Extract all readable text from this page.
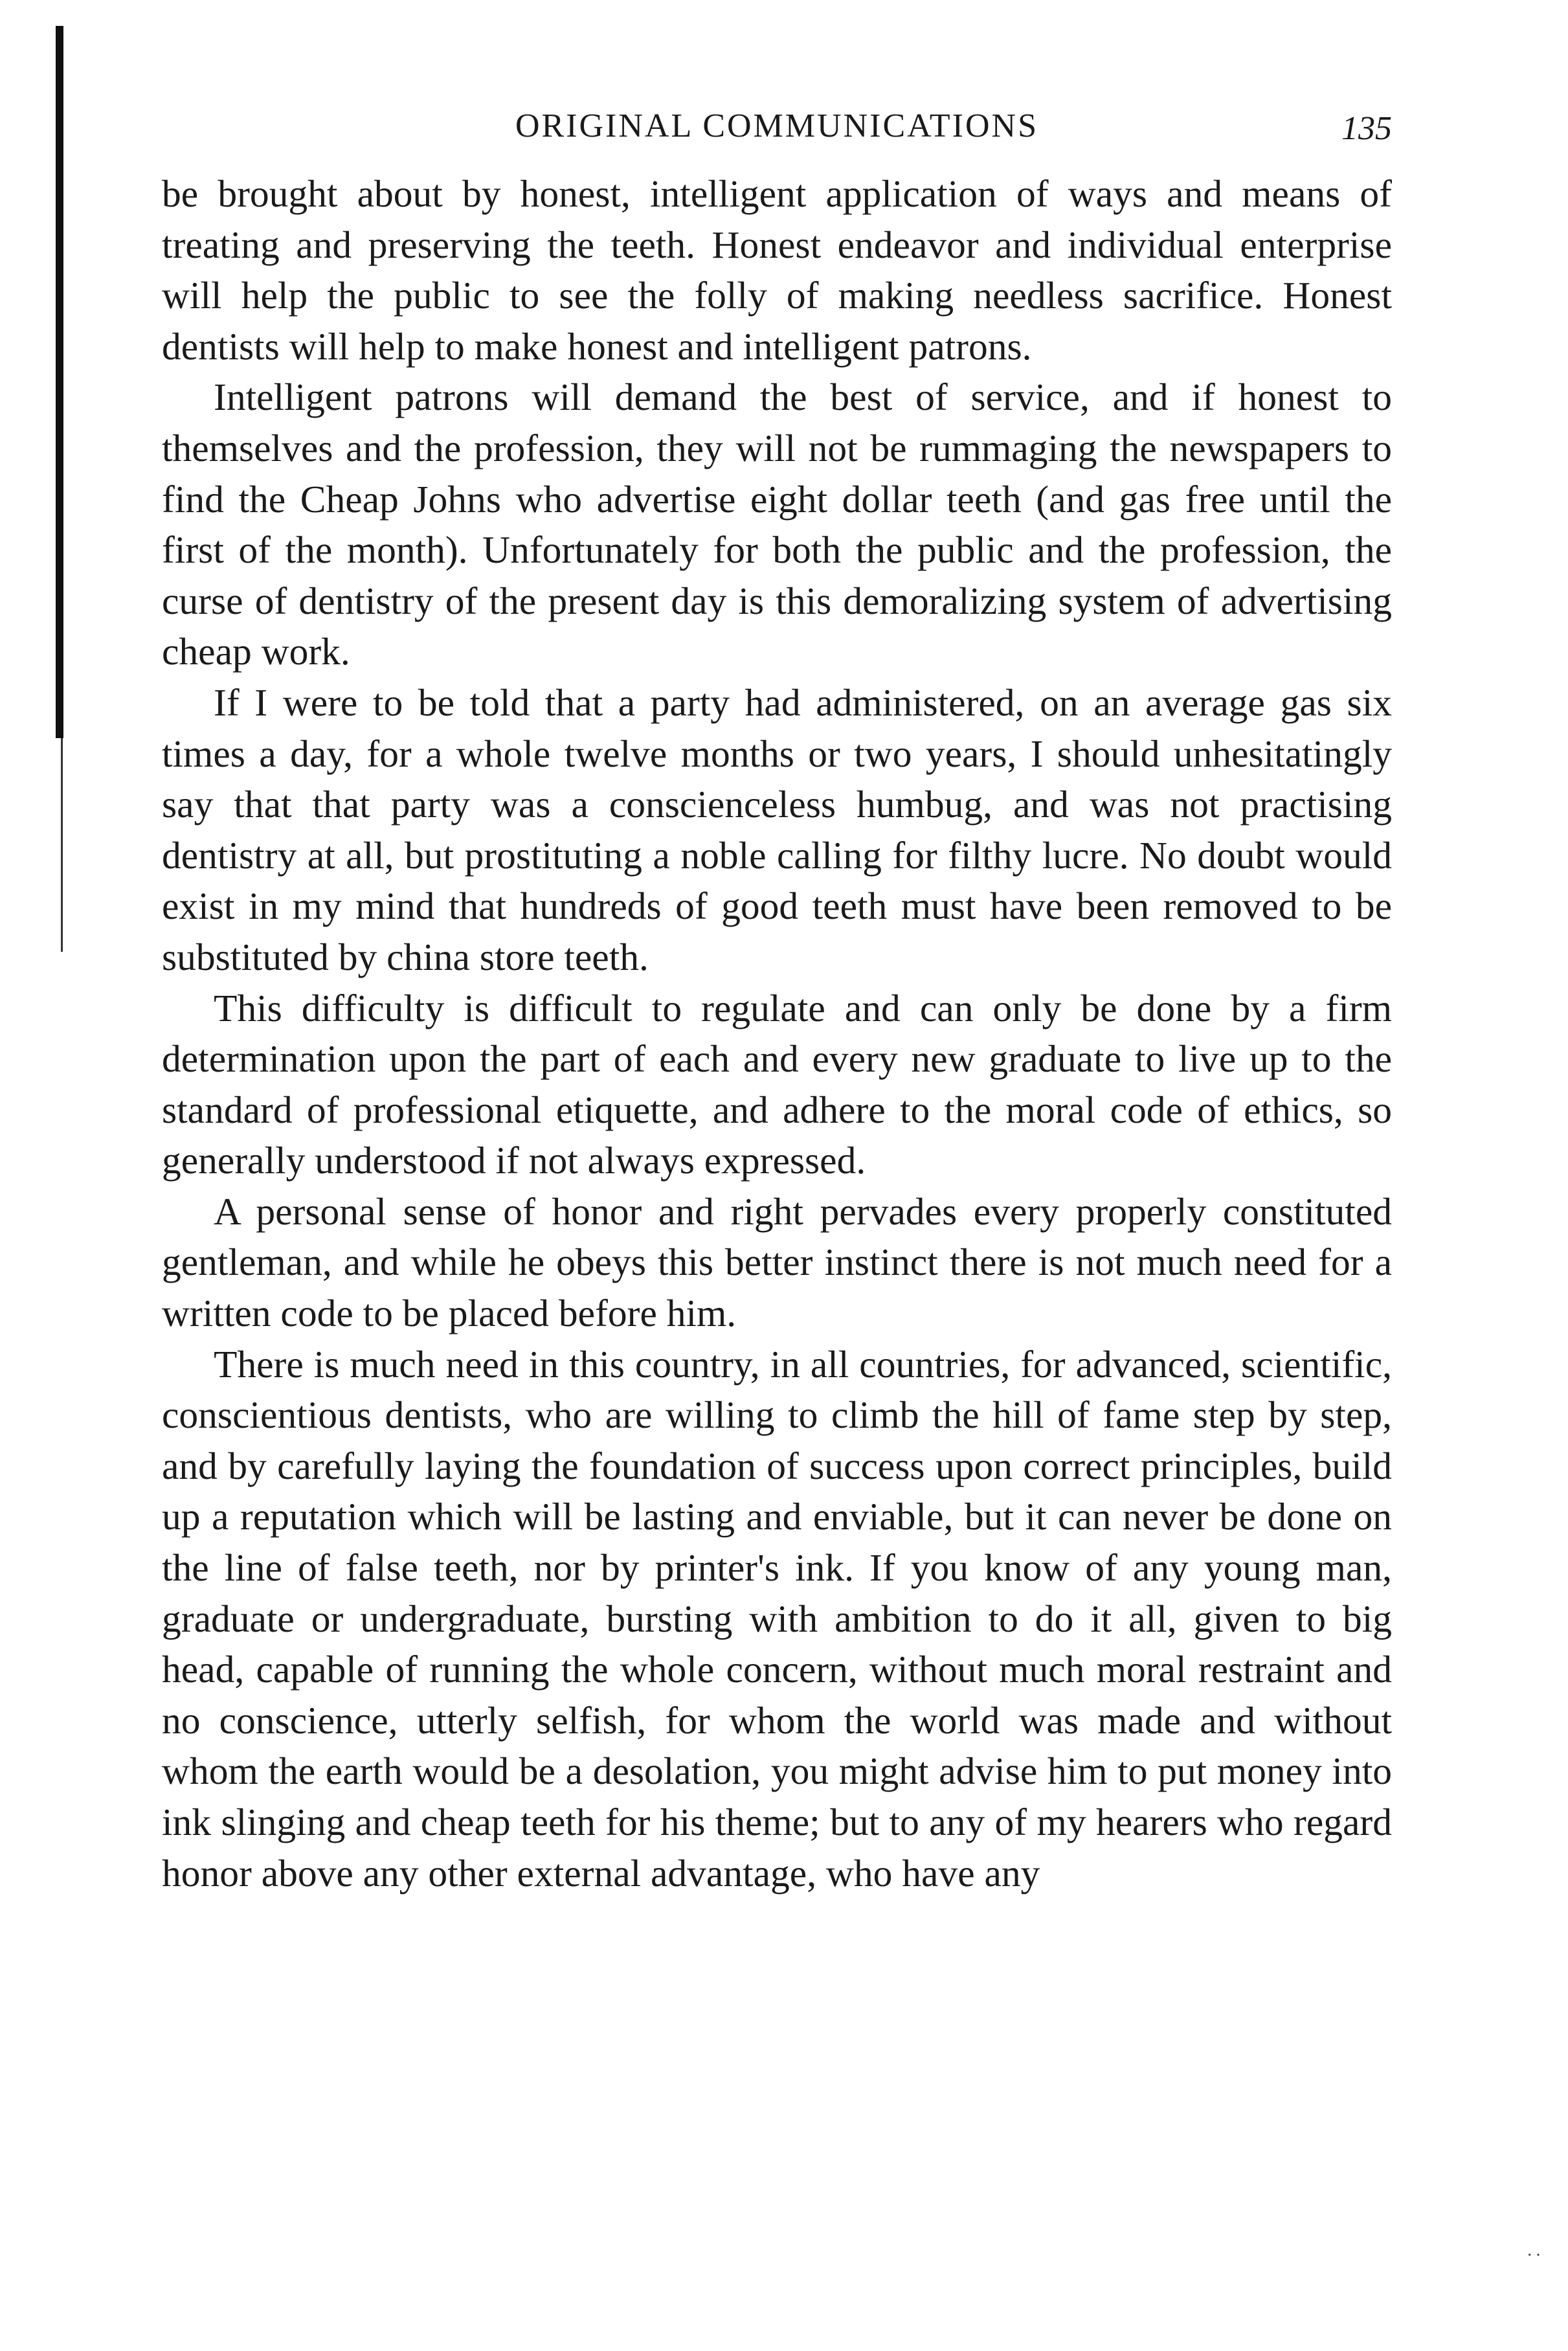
ORIGINAL COMMUNICATIONS	135

be brought about by honest, intelligent application of ways and means of treating and preserving the teeth. Honest endeavor and individual enterprise will help the public to see the folly of making needless sacrifice. Honest dentists will help to make honest and intelligent patrons.

Intelligent patrons will demand the best of service, and if honest to themselves and the profession, they will not be rummaging the newspapers to find the Cheap Johns who advertise eight dollar teeth (and gas free until the first of the month). Unfortunately for both the public and the profession, the curse of dentistry of the present day is this demoralizing system of advertising cheap work.

If I were to be told that a party had administered, on an average gas six times a day, for a whole twelve months or two years, I should unhesitatingly say that that party was a conscienceless humbug, and was not practising dentistry at all, but prostituting a noble calling for filthy lucre. No doubt would exist in my mind that hundreds of good teeth must have been removed to be substituted by china store teeth.

This difficulty is difficult to regulate and can only be done by a firm determination upon the part of each and every new graduate to live up to the standard of professional etiquette, and adhere to the moral code of ethics, so generally understood if not always expressed.

A personal sense of honor and right pervades every properly constituted gentleman, and while he obeys this better instinct there is not much need for a written code to be placed before him.

There is much need in this country, in all countries, for advanced, scientific, conscientious dentists, who are willing to climb the hill of fame step by step, and by carefully laying the foundation of success upon correct principles, build up a reputation which will be lasting and enviable, but it can never be done on the line of false teeth, nor by printer's ink. If you know of any young man, graduate or undergraduate, bursting with ambition to do it all, given to big head, capable of running the whole concern, without much moral restraint and no conscience, utterly selfish, for whom the world was made and without whom the earth would be a desolation, you might advise him to put money into ink slinging and cheap teeth for his theme; but to any of my hearers who regard honor above any other external advantage, who have any

··
